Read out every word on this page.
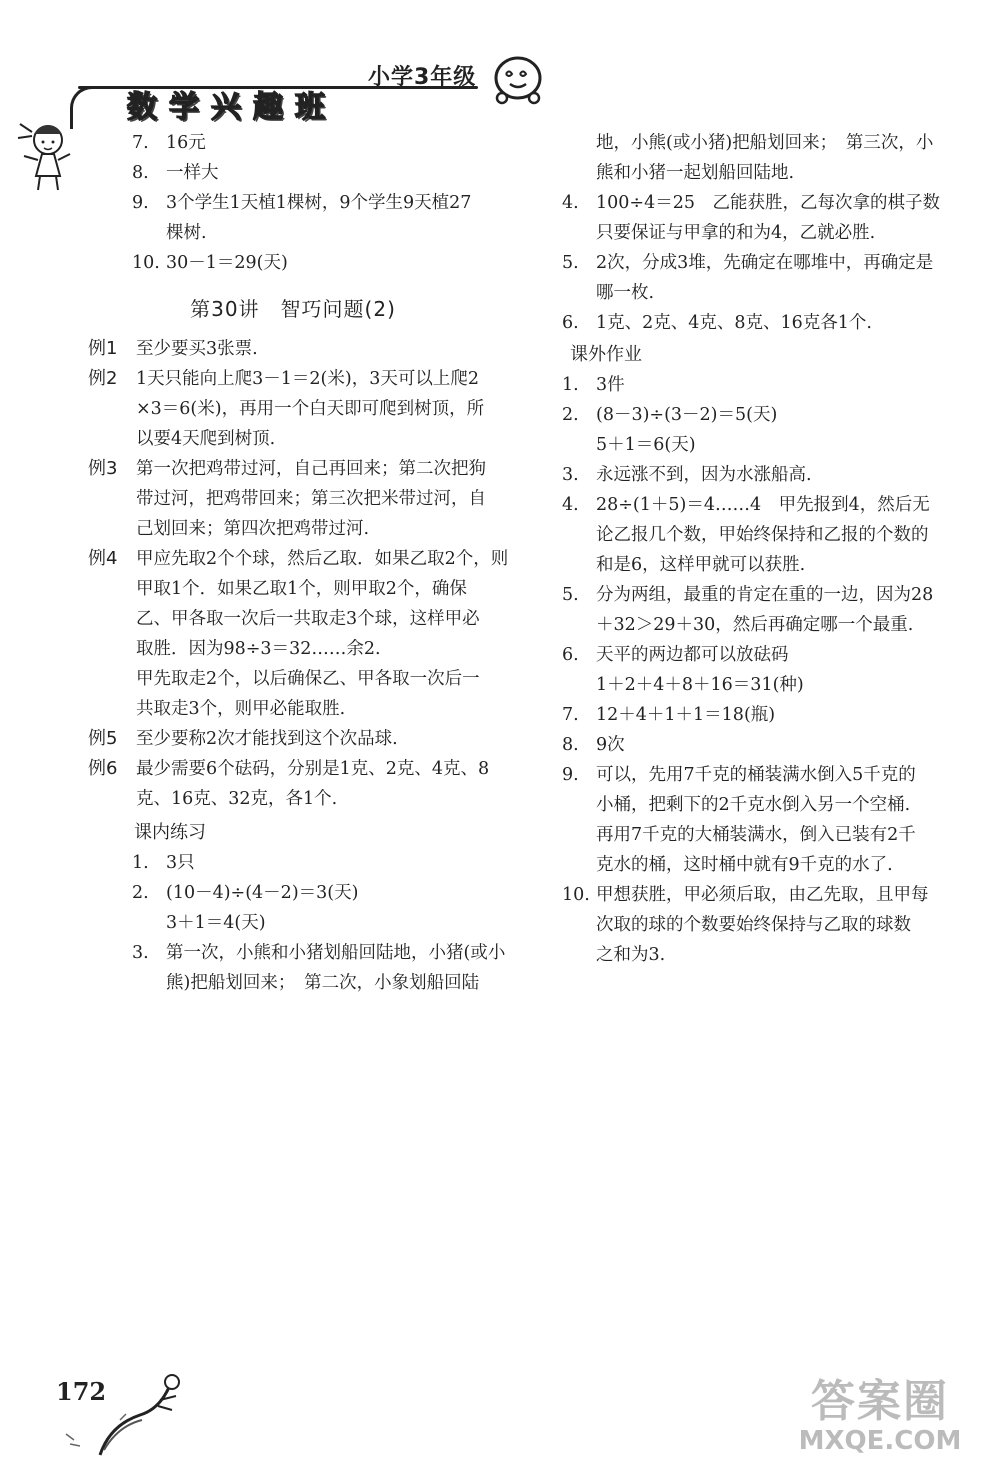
小学3年级
数 学 兴 趣 班
7. 16元
8. 一样大
9. 3个学生1天植1棵树，9个学生9天植27
棵树.
10. 30－1＝29(天)
第30讲　智巧问题(2)
例1	至少要买3张票.
例2	1天只能向上爬3－1＝2(米)，3天可以上爬2
×3＝6(米)，再用一个白天即可爬到树顶，所
以要4天爬到树顶.
例3	第一次把鸡带过河，自己再回来；第二次把狗
带过河，把鸡带回来；第三次把米带过河，自
己划回来；第四次把鸡带过河.
例4	甲应先取2个个球，然后乙取．如果乙取2个，则
甲取1个．如果乙取1个，则甲取2个，确保
乙、甲各取一次后一共取走3个球，这样甲必
取胜．因为98÷3＝32……余2.
甲先取走2个，以后确保乙、甲各取一次后一
共取走3个，则甲必能取胜.
例5	至少要称2次才能找到这个次品球.
例6	最少需要6个砝码，分别是1克、2克、4克、8
克、16克、32克，各1个.
课内练习
1. 3只
2. (10－4)÷(4－2)＝3(天)
3＋1＝4(天)
3. 第一次，小熊和小猪划船回陆地，小猪(或小
熊)把船划回来；　第二次，小象划船回陆
地，小熊(或小猪)把船划回来；　第三次，小
熊和小猪一起划船回陆地.
4. 100÷4＝25　乙能获胜，乙每次拿的棋子数
只要保证与甲拿的和为4，乙就必胜.
5. 2次，分成3堆，先确定在哪堆中，再确定是
哪一枚.
6. 1克、2克、4克、8克、16克各1个.
课外作业
1. 3件
2. (8－3)÷(3－2)＝5(天)
5＋1＝6(天)
3. 永远涨不到，因为水涨船高.
4. 28÷(1＋5)＝4……4　甲先报到4，然后无
论乙报几个数，甲始终保持和乙报的个数的
和是6，这样甲就可以获胜.
5. 分为两组，最重的肯定在重的一边，因为28
＋32＞29＋30，然后再确定哪一个最重.
6. 天平的两边都可以放砝码
1＋2＋4＋8＋16＝31(种)
7. 12＋4＋1＋1＝18(瓶)
8. 9次
9. 可以，先用7千克的桶装满水倒入5千克的
小桶，把剩下的2千克水倒入另一个空桶.
再用7千克的大桶装满水，倒入已装有2千
克水的桶，这时桶中就有9千克的水了.
10. 甲想获胜，甲必须后取，由乙先取，且甲每
次取的球的个数要始终保持与乙取的球数
之和为3.
172	答案圈
MXQE.COM
